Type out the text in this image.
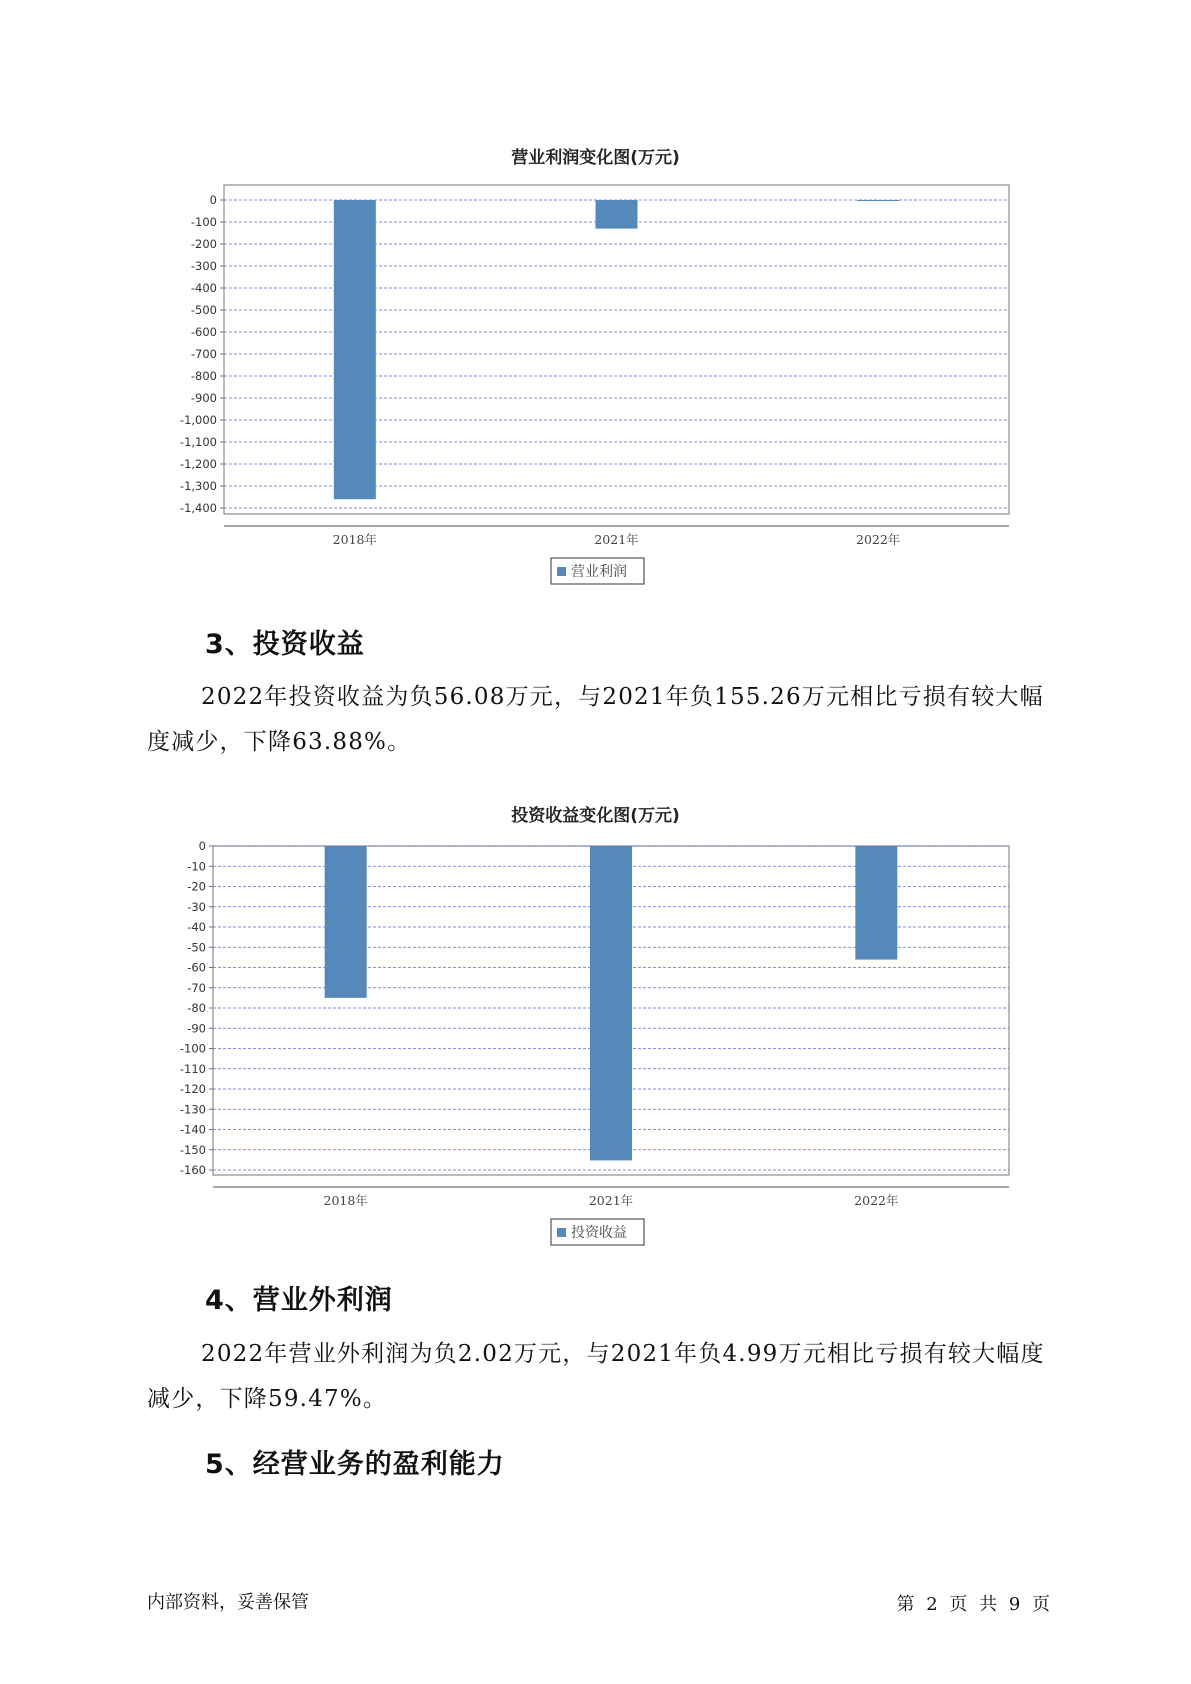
营业利润变化图(万元)
0
-100
-200
-300
-400
-500
-600
-700
-800
-900
-1,000
-1,100
-1,200
-1,300
-1,400
2018年	2021年	2022年
营业利润
3、投资收益
2022年投资收益为负56.08万元，与2021年负155.26万元相比亏损有较大幅度减少，下降63.88%。
投资收益变化图(万元)
0
-10
-20
-30
-40
-50
-60
-70
-80
-90
-100
-110
-120
-130
-140
-150
-160
2018年	2021年	2022年
投资收益
4、营业外利润
2022年营业外利润为负2.02万元，与2021年负4.99万元相比亏损有较大幅度减少，下降59.47%。
5、经营业务的盈利能力
内部资料，妥善保管	第 2 页 共 9 页
